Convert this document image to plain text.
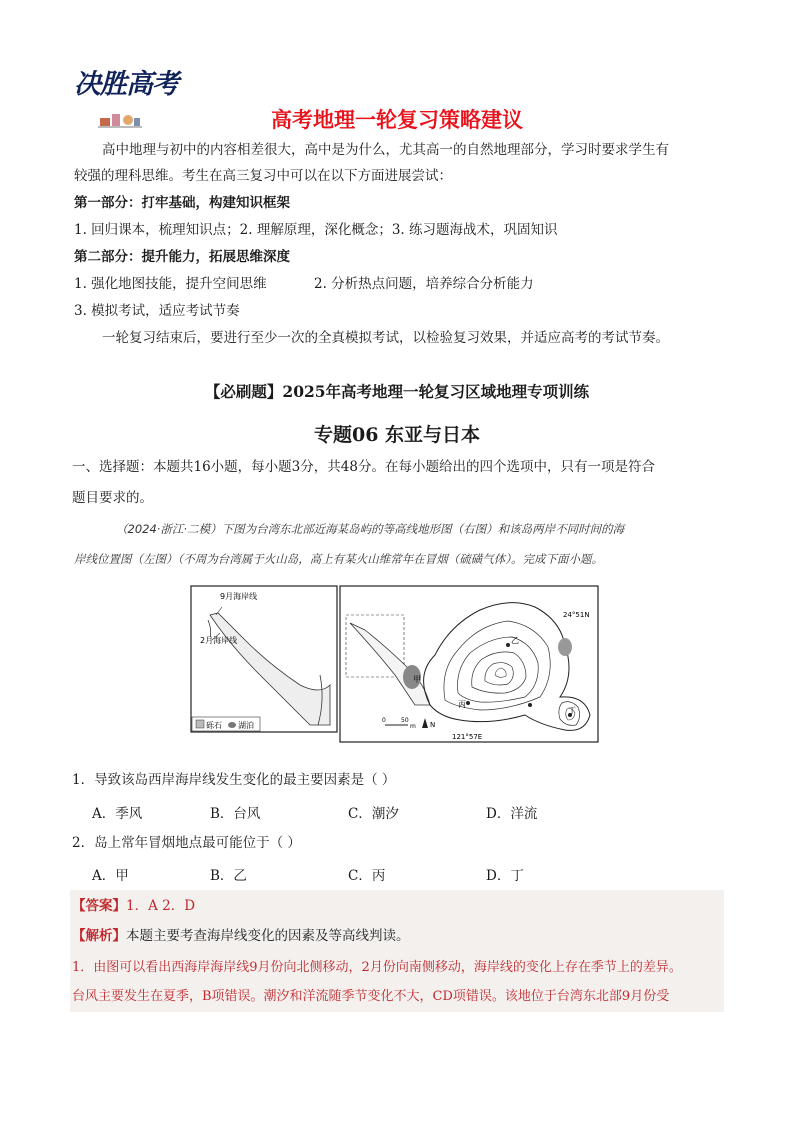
决胜高考
高考地理一轮复习策略建议
高中地理与初中的内容相差很大，高中是为什么，尤其高一的自然地理部分，学习时要求学生有
较强的理科思维。考生在高三复习中可以在以下方面进展尝试：
第一部分：打牢基础，构建知识框架
1. 回归课本，梳理知识点；2. 理解原理，深化概念；3. 练习题海战术，巩固知识
第二部分：提升能力，拓展思维深度
1. 强化地图技能，提升空间思维	2. 分析热点问题，培养综合分析能力
3. 模拟考试，适应考试节奏
一轮复习结束后，要进行至少一次的全真模拟考试，以检验复习效果，并适应高考的考试节奏。
【必刷题】2025年高考地理一轮复习区域地理专项训练
专题06 东亚与日本
一、选择题：本题共16小题，每小题3分，共48分。在每小题给出的四个选项中，只有一项是符合
题目要求的。
（2024·浙江·二模）下图为台湾东北部近海某岛屿的等高线地形图（右图）和该岛两岸不同时间的海
岸线位置图（左图）（不周为台湾属于火山岛，高上有某火山维常年在冒烟（硫磺气体）。完成下面小题。
9月海岸线
2月海岸线
砾石 湖泊
甲
乙
丙
丁
24°51N
121°57E
0	50
m N
1．导致该岛西岸海岸线发生变化的最主要因素是（ ）
A．季风	B．台风	C．潮汐	D．洋流
2．岛上常年冒烟地点最可能位于（ ）
A．甲	B．乙	C．丙	D．丁
【答案】1．A 2．D
【解析】本题主要考查海岸线变化的因素及等高线判读。
1．由图可以看出西海岸海岸线9月份向北侧移动，2月份向南侧移动，海岸线的变化上存在季节上的差异。
台风主要发生在夏季，B项错误。潮汐和洋流随季节变化不大，CD项错误。该地位于台湾东北部9月份受
